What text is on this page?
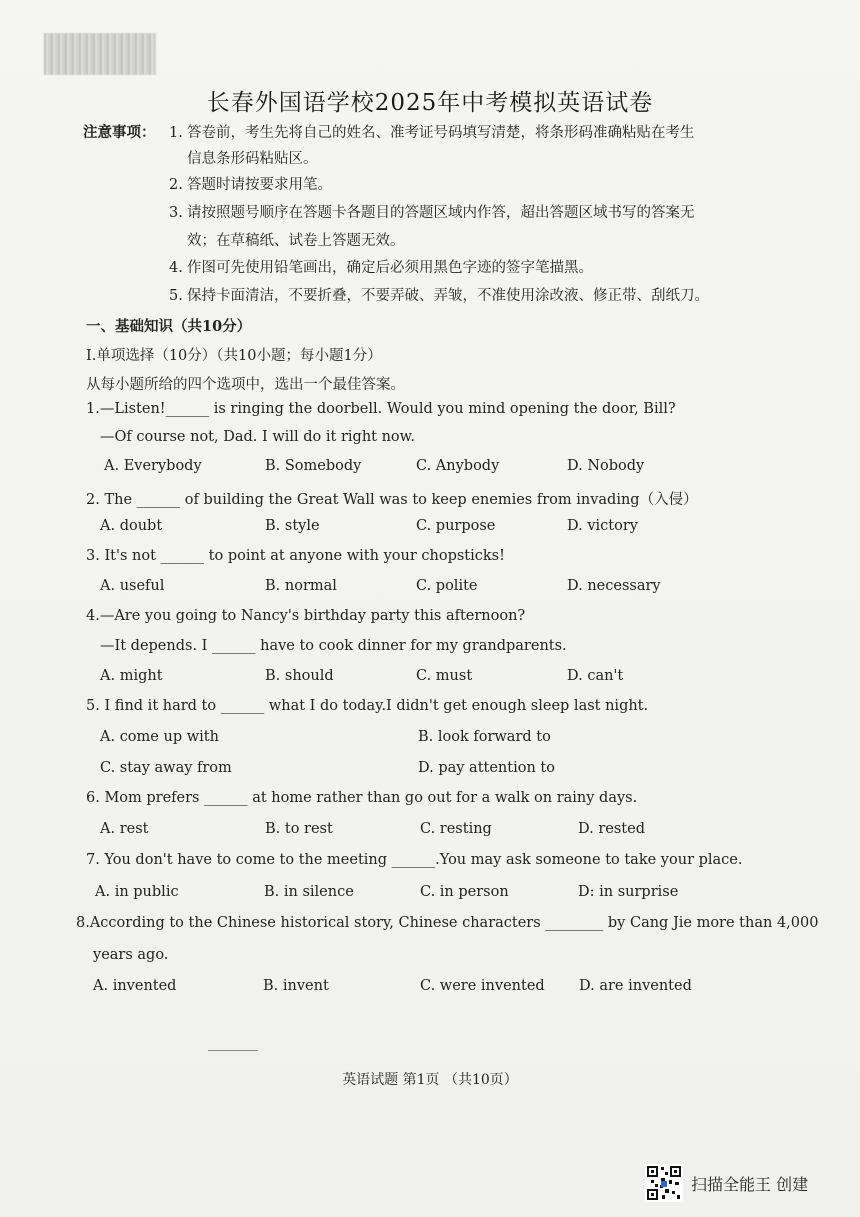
长春外国语学校2025年中考模拟英语试卷
注意事项： 1. 答卷前，考生先将自己的姓名、准考证号码填写清楚，将条形码准确粘贴在考生
信息条形码粘贴区。
2. 答题时请按要求用笔。
3. 请按照题号顺序在答题卡各题目的答题区域内作答，超出答题区域书写的答案无
效；在草稿纸、试卷上答题无效。
4. 作图可先使用铅笔画出，确定后必须用黑色字迹的签字笔描黑。
5. 保持卡面清洁，不要折叠，不要弄破、弄皱，不准使用涂改液、修正带、刮纸刀。
一、基础知识（共10分）
Ⅰ.单项选择（10分）（共10小题；每小题1分）
从每小题所给的四个选项中，选出一个最佳答案。
1.—Listen!______ is ringing the doorbell. Would you mind opening the door, Bill?
—Of course not, Dad. I will do it right now.
A. Everybody	B. Somebody	C. Anybody	D. Nobody
2. The ______ of building the Great Wall was to keep enemies from invading（入侵）
A. doubt	B. style	C. purpose	D. victory
3. It's not ______ to point at anyone with your chopsticks!
A. useful	B. normal	C. polite	D. necessary
4.—Are you going to Nancy's birthday party this afternoon?
—It depends. I ______ have to cook dinner for my grandparents.
A. might	B. should	C. must	D. can't
5. I find it hard to ______ what I do today.I didn't get enough sleep last night.
A. come up with	B. look forward to
C. stay away from	D. pay attention to
6. Mom prefers ______ at home rather than go out for a walk on rainy days.
A. rest	B. to rest	C. resting	D. rested
7. You don't have to come to the meeting ______.You may ask someone to take your place.
A. in public	B. in silence	C. in person	D: in surprise
8.According to the Chinese historical story, Chinese characters ________ by Cang Jie more than 4,000
years ago.
A. invented	B. invent	C. were invented D. are invented
英语试题 第1页 （共10页）
扫描全能王 创建
